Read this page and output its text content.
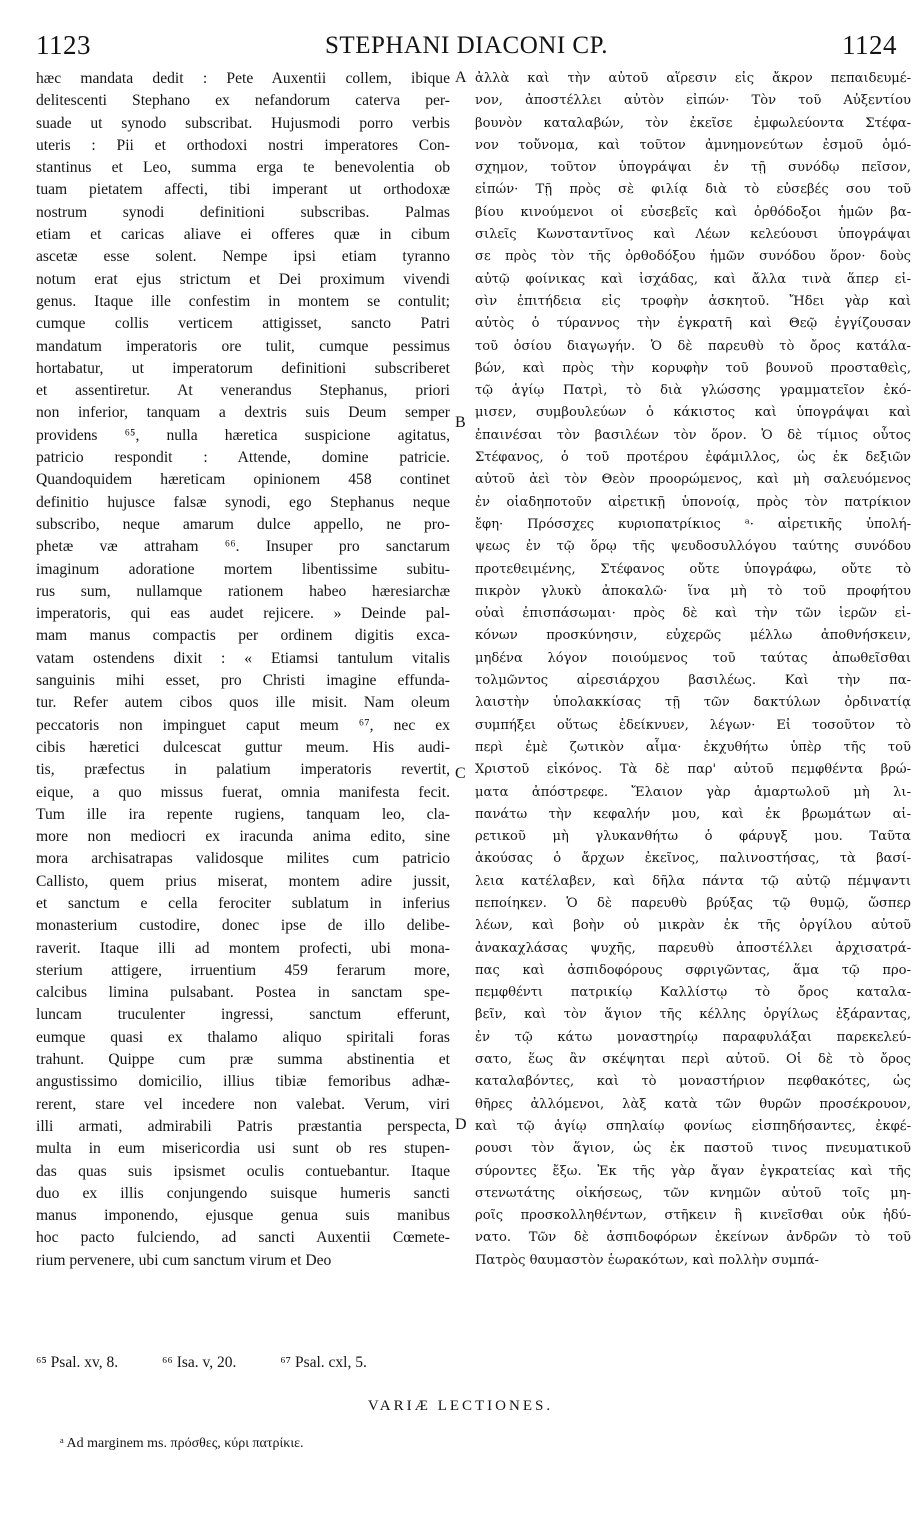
1123	STEPHANI DIACONI CP.	1124
hæc mandata dedit : Pete Auxentii collem, ibique
delitescenti Stephano ex nefandorum caterva per-
suade ut synodo subscribat. Hujusmodi porro verbis
uteris : Pii et orthodoxi nostri imperatores Con-
stantinus et Leo, summa erga te benevolentia ob
tuam pietatem affecti, tibi imperant ut orthodoxæ
nostrum synodi definitioni subscribas. Palmas
etiam et caricas aliave ei offeres quæ in cibum
ascetæ esse solent. Nempe ipsi etiam tyranno
notum erat ejus strictum et Dei proximum vivendi
genus. Itaque ille confestim in montem se contulit;
cumque collis verticem attigisset, sancto Patri
mandatum imperatoris ore tulit, cumque pessimus
hortabatur, ut imperatorum definitioni subscriberet
et assentiretur. At venerandus Stephanus, priori
non inferior, tanquam a dextris suis Deum semper
providens ⁶⁵, nulla hæretica suspicione agitatus,
patricio respondit : Attende, domine patricie.
Quandoquidem hæreticam opinionem 458 continet
definitio hujusce falsæ synodi, ego Stephanus neque
subscribo, neque amarum dulce appello, ne pro-
phetæ væ attraham ⁶⁶. Insuper pro sanctarum
imaginum adoratione mortem libentissime subitu-
rus sum, nullamque rationem habeo hæresiarchæ
imperatoris, qui eas audet rejicere. » Deinde pal-
mam manus compactis per ordinem digitis exca-
vatam ostendens dixit : « Etiamsi tantulum vitalis
sanguinis mihi esset, pro Christi imagine effunda-
tur. Refer autem cibos quos ille misit. Nam oleum
peccatoris non impinguet caput meum ⁶⁷, nec ex
cibis hæretici dulcescat guttur meum. His audi-
tis, præfectus in palatium imperatoris revertit,
eique, a quo missus fuerat, omnia manifesta fecit.
Tum ille ira repente rugiens, tanquam leo, cla-
more non mediocri ex iracunda anima edito, sine
mora archisatrapas validosque milites cum patricio
Callisto, quem prius miserat, montem adire jussit,
et sanctum e cella ferociter sublatum in inferius
monasterium custodire, donec ipse de illo delibe-
raverit. Itaque illi ad montem profecti, ubi mona-
sterium attigere, irruentium 459 ferarum more,
calcibus limina pulsabant. Postea in sanctam spe-
luncam truculenter ingressi, sanctum efferunt,
eumque quasi ex thalamo aliquo spiritali foras
trahunt. Quippe cum præ summa abstinentia et
angustissimo domicilio, illius tibiæ femoribus adhæ-
rerent, stare vel incedere non valebat. Verum, viri
illi armati, admirabili Patris præstantia perspecta,
multa in eum misericordia usi sunt ob res stupen-
das quas suis ipsismet oculis contuebantur. Itaque
duo ex illis conjungendo suisque humeris sancti
manus imponendo, ejusque genua suis manibus
hoc pacto fulciendo, ad sancti Auxentii Cœmete-
rium pervenere, ubi cum sanctum virum et Deo
A
B
C
D
ἀλλὰ καὶ τὴν αὐτοῦ αἵρεσιν εἰς ἄκρον πεπαιδευμέ-
νον, ἀποστέλλει αὐτὸν εἰπών· Τὸν τοῦ Αὐξεντίου
βουνὸν καταλαβών, τὸν ἐκεῖσε ἐμφωλεύοντα Στέφα-
νον τοὔνομα, καὶ τοῦτον ἀμνημονεύτων ἐσμοῦ ὁμό-
σχημον, τοῦτον ὑπογράψαι ἐν τῇ συνόδῳ πεῖσον,
εἰπών· Τῇ πρὸς σὲ φιλίᾳ διὰ τὸ εὐσεβές σου τοῦ
βίου κινούμενοι οἱ εὐσεβεῖς καὶ ὀρθόδοξοι ἡμῶν βα-
σιλεῖς Κωνσταντῖνος καὶ Λέων κελεύουσι ὑπογράψαι
σε πρὸς τὸν τῆς ὀρθοδόξου ἡμῶν συνόδου ὅρον· δοὺς
αὐτῷ φοίνικας καὶ ἰσχάδας, καὶ ἄλλα τινὰ ἅπερ εἰ-
σὶν ἐπιτήδεια εἰς τροφὴν ἀσκητοῦ. Ἤδει γὰρ καὶ
αὐτὸς ὁ τύραννος τὴν ἐγκρατῆ καὶ Θεῷ ἐγγίζουσαν
τοῦ ὁσίου διαγωγήν. Ὁ δὲ παρευθὺ τὸ ὄρος κατάλα-
βών, καὶ πρὸς τὴν κορυφὴν τοῦ βουνοῦ προσταθεὶς,
τῷ ἁγίῳ Πατρὶ, τὸ διὰ γλώσσης γραμματεῖον ἐκό-
μισεν, συμβουλεύων ὁ κάκιστος καὶ ὑπογράψαι καὶ
ἐπαινέσαι τὸν βασιλέων τὸν ὅρον. Ὁ δὲ τίμιος οὗτος
Στέφανος, ὁ τοῦ προτέρου ἐφάμιλλος, ὡς ἐκ δεξιῶν
αὐτοῦ ἀεὶ τὸν Θεὸν προορώμενος, καὶ μὴ σαλευόμενος
ἐν οἱαδηποτοῦν αἱρετικῇ ὑπονοίᾳ, πρὸς τὸν πατρίκιον
ἔφη· Πρόσσχες κυριοπατρίκιος ᵃ· αἱρετικῆς ὑπολή-
ψεως ἐν τῷ ὅρῳ τῆς ψευδοσυλλόγου ταύτης συνόδου
προτεθειμένης, Στέφανος οὔτε ὑπογράφω, οὔτε τὸ
πικρὸν γλυκὺ ἀποκαλῶ· ἵνα μὴ τὸ τοῦ προφήτου
οὐαὶ ἐπισπάσωμαι· πρὸς δὲ καὶ τὴν τῶν ἱερῶν εἰ-
κόνων προσκύνησιν, εὐχερῶς μέλλω ἀποθνήσκειν,
μηδένα λόγον ποιούμενος τοῦ ταύτας ἀπωθεῖσθαι
τολμῶντος αἱρεσιάρχου βασιλέως. Καὶ τὴν πα-
λαιστὴν ὑπολακκίσας τῇ τῶν δακτύλων ὀρδινατίᾳ
συμπήξει οὕτως ἐδείκνυεν, λέγων· Εἰ τοσοῦτον τὸ
περὶ ἐμὲ ζωτικὸν αἷμα· ἐκχυθήτω ὑπὲρ τῆς τοῦ
Χριστοῦ εἰκόνος. Τὰ δὲ παρ' αὐτοῦ πεμφθέντα βρώ-
ματα ἀπόστρεφε. Ἔλαιον γὰρ ἁμαρτωλοῦ μὴ λι-
πανάτω τὴν κεφαλήν μου, καὶ ἐκ βρωμάτων αἱ-
ρετικοῦ μὴ γλυκανθήτω ὁ φάρυγξ μου. Ταῦτα
ἀκούσας ὁ ἄρχων ἐκεῖνος, παλινοστήσας, τὰ βασί-
λεια κατέλαβεν, καὶ δῆλα πάντα τῷ αὐτῷ πέμψαντι
πεποίηκεν. Ὁ δὲ παρευθὺ βρύξας τῷ θυμῷ, ὥσπερ
λέων, καὶ βοὴν οὐ μικρὰν ἐκ τῆς ὀργίλου αὐτοῦ
ἀνακαχλάσας ψυχῆς, παρευθὺ ἀποστέλλει ἀρχισατρά-
πας καὶ ἀσπιδοφόρους σφριγῶντας, ἅμα τῷ προ-
πεμφθέντι πατρικίῳ Καλλίστῳ τὸ ὄρος καταλα-
βεῖν, καὶ τὸν ἅγιον τῆς κέλλης ὀργίλως ἐξάραντας,
ἐν τῷ κάτω μοναστηρίῳ παραφυλάξαι παρεκελεύ-
σατο, ἕως ἂν σκέψηται περὶ αὐτοῦ. Οἱ δὲ τὸ ὄρος
καταλαβόντες, καὶ τὸ μοναστήριον πεφθακότες, ὡς
θῆρες ἀλλόμενοι, λὰξ κατὰ τῶν θυρῶν προσέκρουον,
καὶ τῷ ἁγίῳ σπηλαίῳ φονίως εἰσπηδήσαντες, ἐκφέ-
ρουσι τὸν ἅγιον, ὡς ἐκ παστοῦ τινος πνευματικοῦ
σύροντες ἔξω. Ἐκ τῆς γὰρ ἄγαν ἐγκρατείας καὶ τῆς
στενωτάτης οἰκήσεως, τῶν κνημῶν αὐτοῦ τοῖς μη-
ροῖς προσκολληθέντων, στῆκειν ἢ κινεῖσθαι οὐκ ἠδύ-
νατο. Τῶν δὲ ἀσπιδοφόρων ἐκείνων ἀνδρῶν τὸ τοῦ
Πατρὸς θαυμαστὸν ἑωρακότων, καὶ πολλὴν συμπά-
⁶⁵ Psal. xv, 8.	⁶⁶ Isa. v, 20.	⁶⁷ Psal. cxl, 5.
VARIÆ LECTIONES.
ᵃ Ad marginem ms. πρόσθες, κύρι πατρίκιε.
